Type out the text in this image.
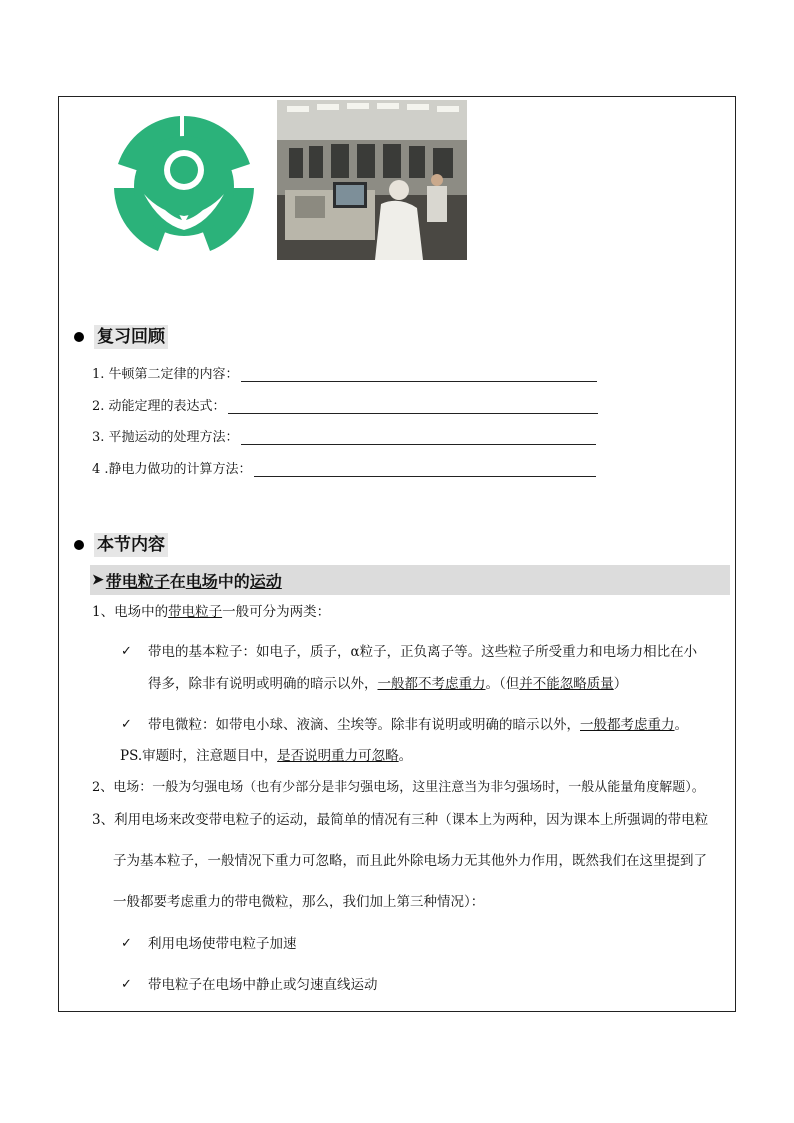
复习回顾
1. 牛顿第二定律的内容：
2. 动能定理的表达式：
3. 平抛运动的处理方法：
4 .静电力做功的计算方法：
本节内容
➤ 带电粒子 在 电场 中的 运动
1、电场中的带电粒子一般可分为两类：
✓ 带电的基本粒子：如电子，质子，α粒子，正负离子等。这些粒子所受重力和电场力相比在小
得多，除非有说明或明确的暗示以外，一般都不考虑重力。（但并不能忽略质量）
✓ 带电微粒：如带电小球、液滴、尘埃等。除非有说明或明确的暗示以外，一般都考虑重力。
PS.审题时，注意题目中，是否说明重力可忽略。
2、电场：一般为匀强电场（也有少部分是非匀强电场，这里注意当为非匀强场时，一般从能量角度解题）。
3、利用电场来改变带电粒子的运动，最简单的情况有三种（课本上为两种，因为课本上所强调的带电粒
子为基本粒子，一般情况下重力可忽略，而且此外除电场力无其他外力作用，既然我们在这里提到了
一般都要考虑重力的带电微粒，那么，我们加上第三种情况）：
✓ 利用电场使带电粒子加速
✓ 带电粒子在电场中静止或匀速直线运动
